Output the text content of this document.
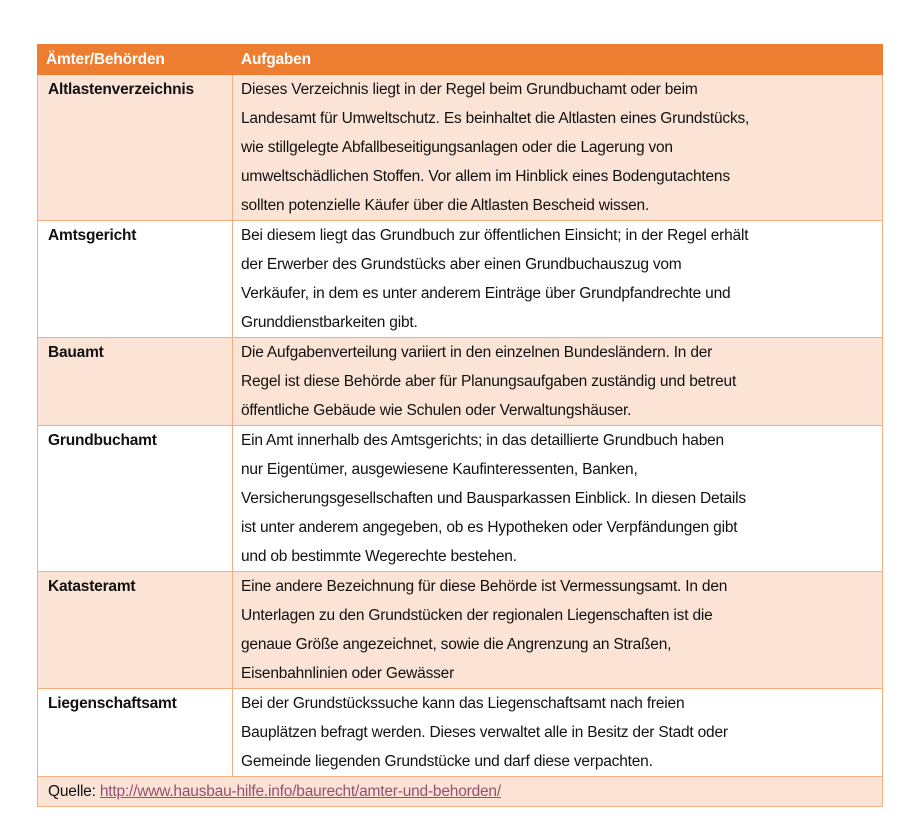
Ämter/Behörden	Aufgaben
Altlastenverzeichnis	Dieses Verzeichnis liegt in der Regel beim Grundbuchamt oder beim
Landesamt für Umweltschutz. Es beinhaltet die Altlasten eines Grundstücks,
wie stillgelegte Abfallbeseitigungsanlagen oder die Lagerung von
umweltschädlichen Stoffen. Vor allem im Hinblick eines Bodengutachtens
sollten potenzielle Käufer über die Altlasten Bescheid wissen.

Amtsgericht	Bei diesem liegt das Grundbuch zur öffentlichen Einsicht; in der Regel erhält
der Erwerber des Grundstücks aber einen Grundbuchauszug vom
Verkäufer, in dem es unter anderem Einträge über Grundpfandrechte und
Grunddienstbarkeiten gibt.

Bauamt	Die Aufgabenverteilung variiert in den einzelnen Bundesländern. In der
Regel ist diese Behörde aber für Planungsaufgaben zuständig und betreut
öffentliche Gebäude wie Schulen oder Verwaltungshäuser.

Grundbuchamt	Ein Amt innerhalb des Amtsgerichts; in das detaillierte Grundbuch haben
nur Eigentümer, ausgewiesene Kaufinteressenten, Banken,
Versicherungsgesellschaften und Bausparkassen Einblick. In diesen Details
ist unter anderem angegeben, ob es Hypotheken oder Verpfändungen gibt
und ob bestimmte Wegerechte bestehen.

Katasteramt	Eine andere Bezeichnung für diese Behörde ist Vermessungsamt. In den
Unterlagen zu den Grundstücken der regionalen Liegenschaften ist die
genaue Größe angezeichnet, sowie die Angrenzung an Straßen,
Eisenbahnlinien oder Gewässer

Liegenschaftsamt	Bei der Grundstückssuche kann das Liegenschaftsamt nach freien
Bauplätzen befragt werden. Dieses verwaltet alle in Besitz der Stadt oder
Gemeinde liegenden Grundstücke und darf diese verpachten.

Quelle: http://www.hausbau-hilfe.info/baurecht/amter-und-behorden/	
